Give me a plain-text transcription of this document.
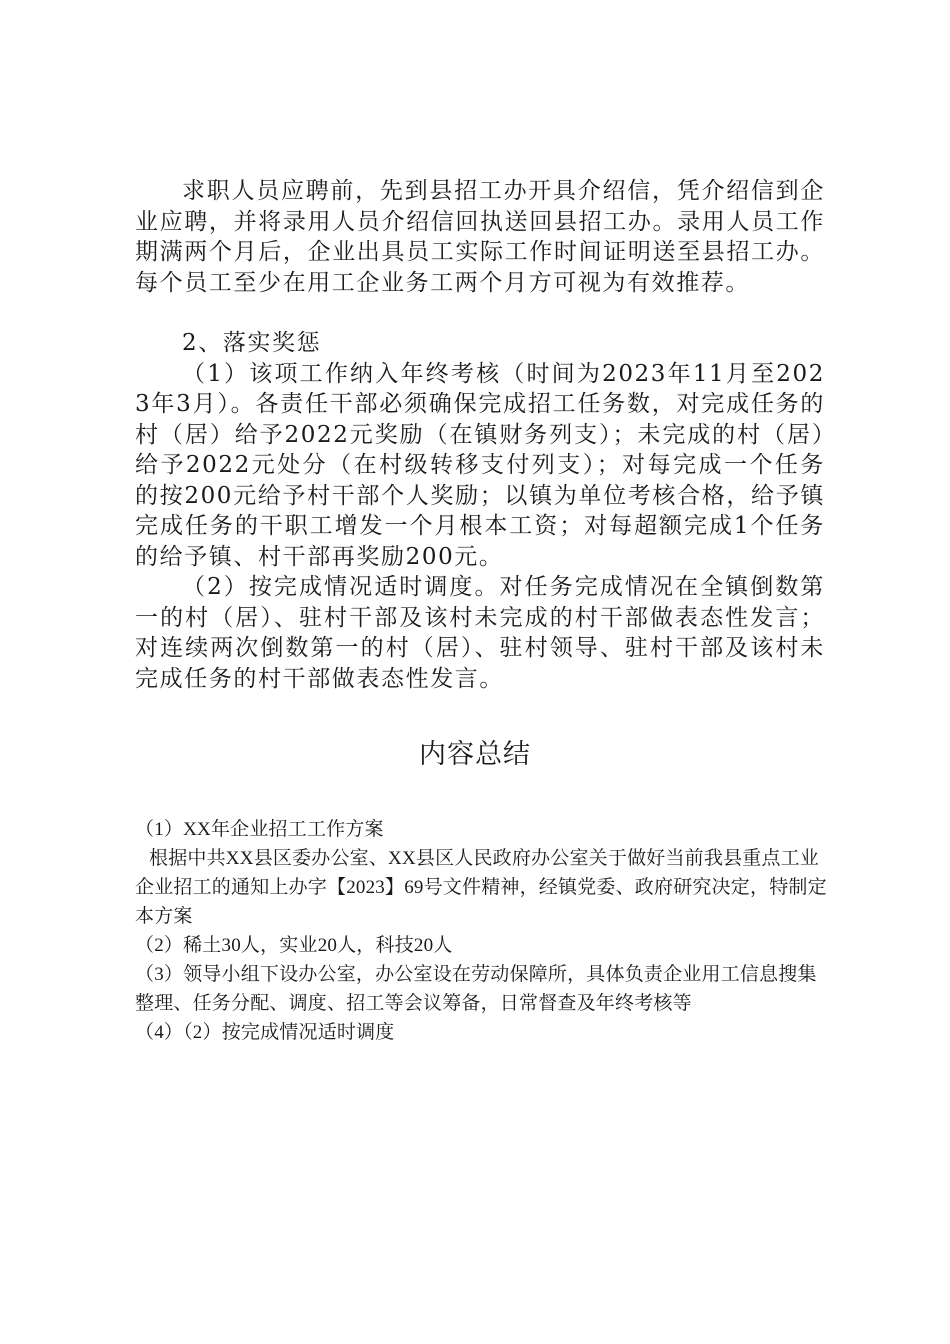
求职人员应聘前，先到县招工办开具介绍信，凭介绍信到企业应聘，并将录用人员介绍信回执送回县招工办。录用人员工作期满两个月后，企业出具员工实际工作时间证明送至县招工办。每个员工至少在用工企业务工两个月方可视为有效推荐。

2、落实奖惩

（1）该项工作纳入年终考核（时间为2023年11月至2023年3月）。各责任干部必须确保完成招工任务数，对完成任务的村（居）给予2022元奖励（在镇财务列支）；未完成的村（居）给予2022元处分（在村级转移支付列支）；对每完成一个任务的按200元给予村干部个人奖励；以镇为单位考核合格，给予镇完成任务的干职工增发一个月根本工资；对每超额完成1个任务的给予镇、村干部再奖励200元。

（2）按完成情况适时调度。对任务完成情况在全镇倒数第一的村（居）、驻村干部及该村未完成的村干部做表态性发言；对连续两次倒数第一的村（居）、驻村领导、驻村干部及该村未完成任务的村干部做表态性发言。

内容总结

（1）XX年企业招工工作方案

根据中共XX县区委办公室、XX县区人民政府办公室关于做好当前我县重点工业企业招工的通知上办字【2023】69号文件精神，经镇党委、政府研究决定，特制定本方案

（2）稀土30人，实业20人，科技20人

（3）领导小组下设办公室，办公室设在劳动保障所，具体负责企业用工信息搜集整理、任务分配、调度、招工等会议筹备，日常督查及年终考核等

（4）（2）按完成情况适时调度
